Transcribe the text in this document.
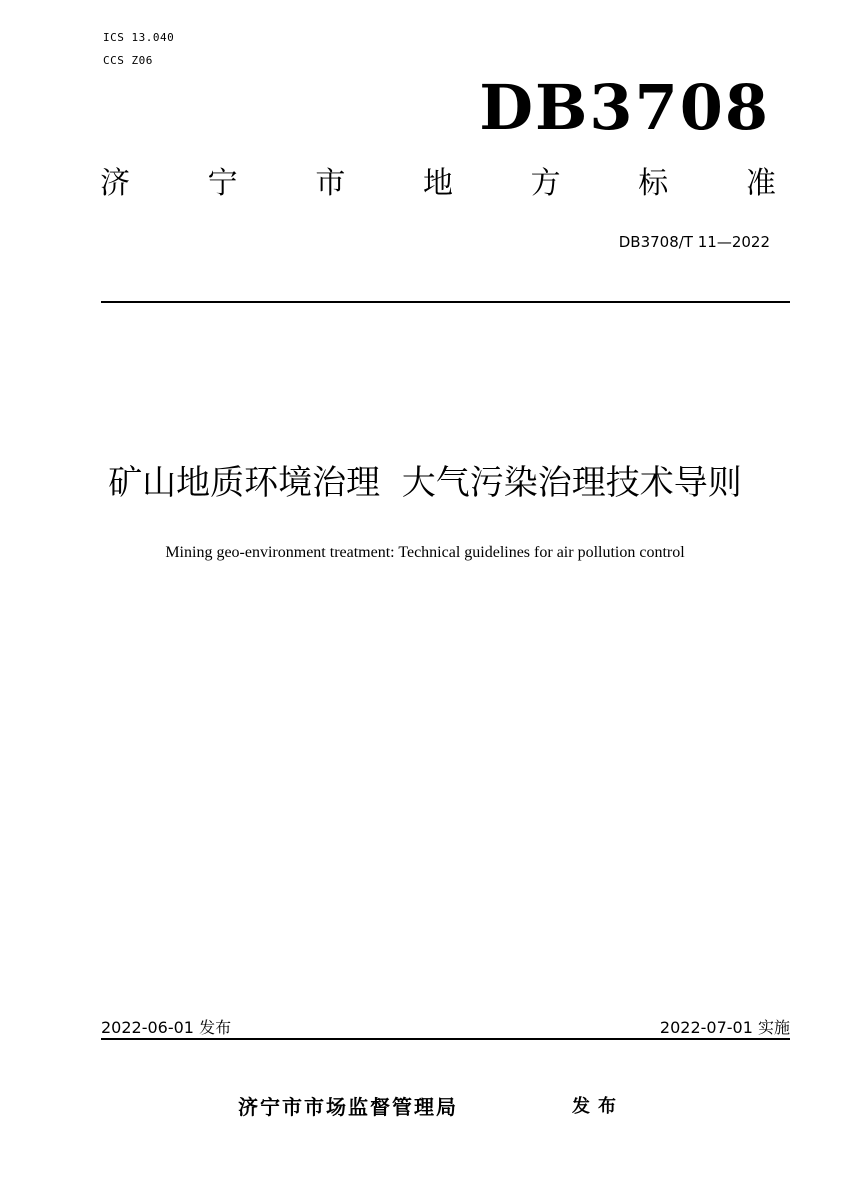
ICS 13.040
CCS Z06
DB3708
济	宁	市	地	方	标	准
DB3708/T 11—2022
矿山地质环境治理  大气污染治理技术导则
Mining geo-environment treatment: Technical guidelines for air pollution control
2022-06-01 发布	2022-07-01 实施
济宁市市场监督管理局	发布
